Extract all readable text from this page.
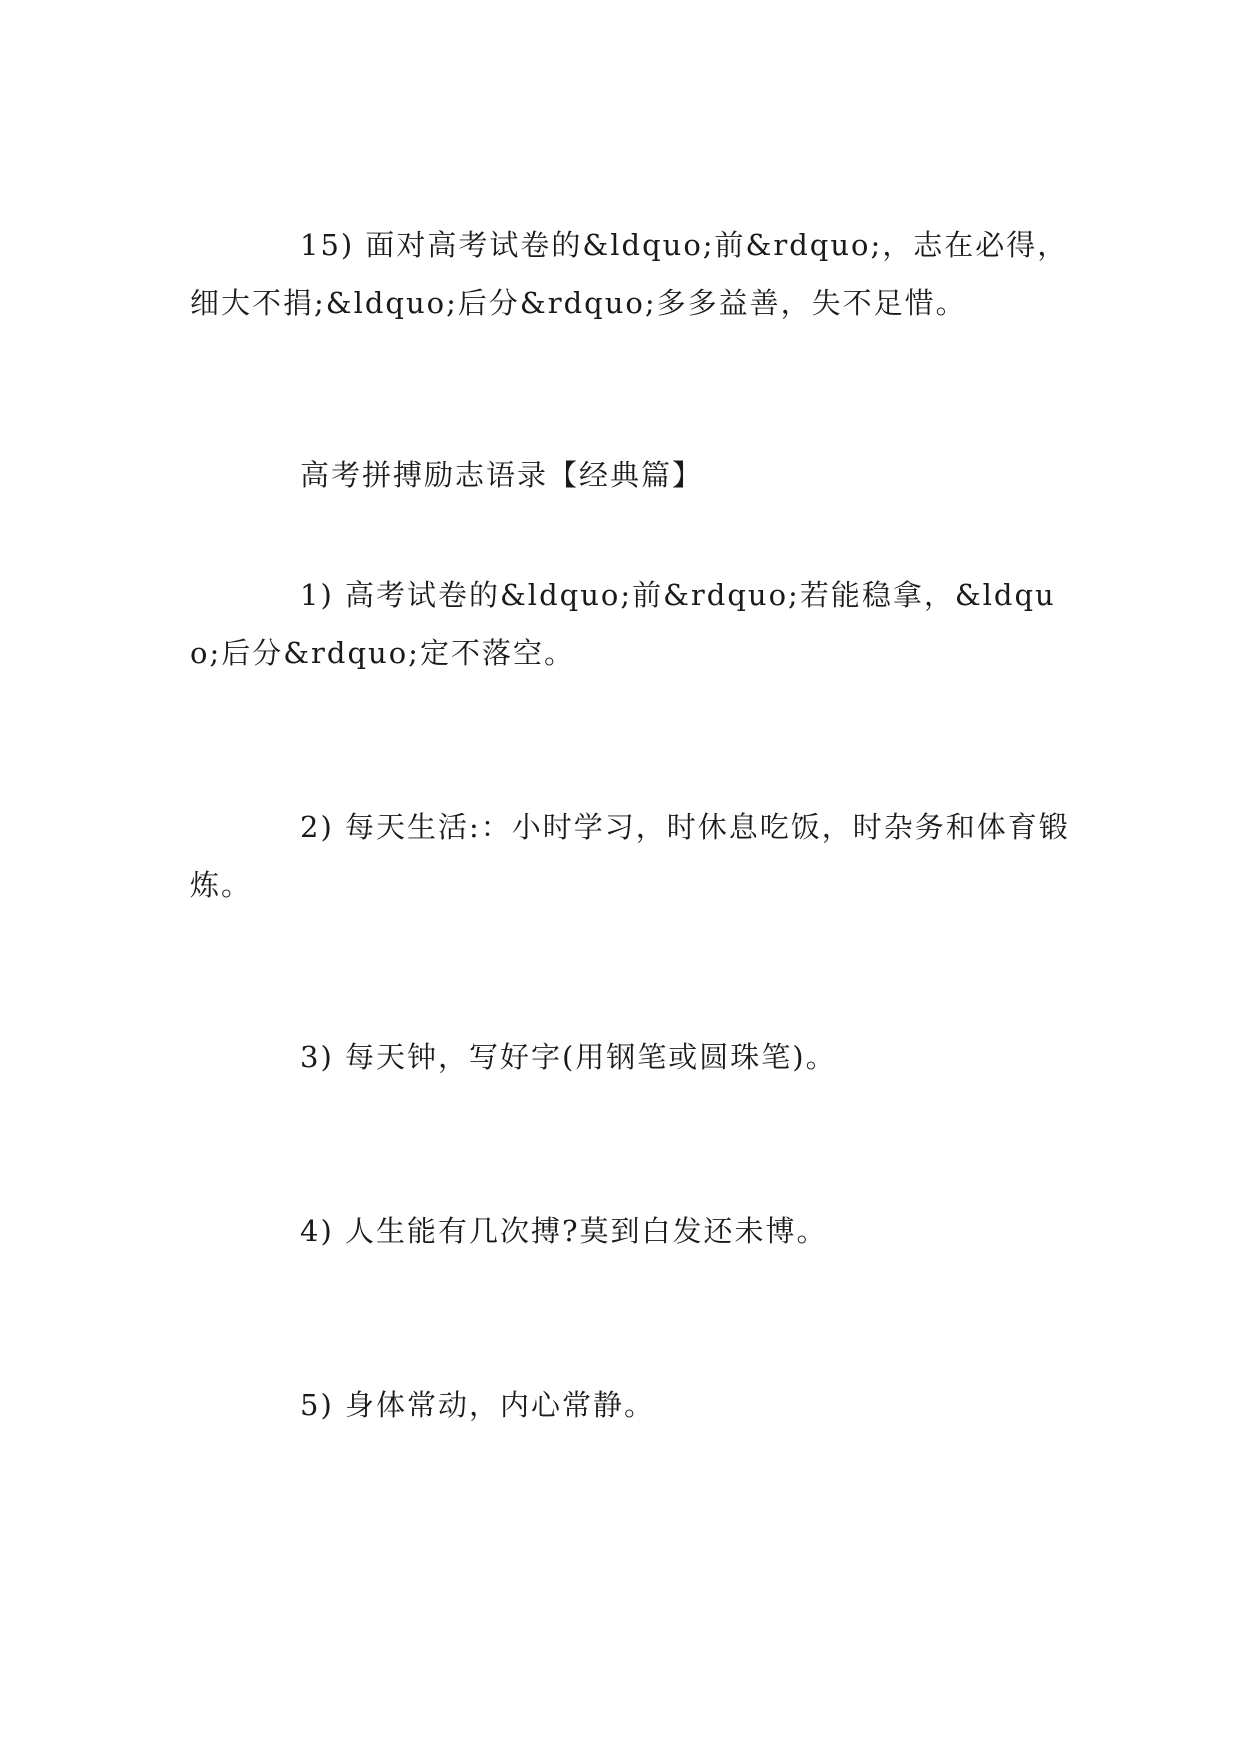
15) 面对高考试卷的&ldquo;前&rdquo;，志在必得，细大不捐;&ldquo;后分&rdquo;多多益善，失不足惜。

高考拼搏励志语录【经典篇】

1) 高考试卷的&ldquo;前&rdquo;若能稳拿，&ldquo;后分&rdquo;定不落空。

2) 每天生活:：小时学习，时休息吃饭，时杂务和体育锻炼。

3) 每天钟，写好字(用钢笔或圆珠笔)。

4) 人生能有几次搏?莫到白发还未博。

5) 身体常动，内心常静。
